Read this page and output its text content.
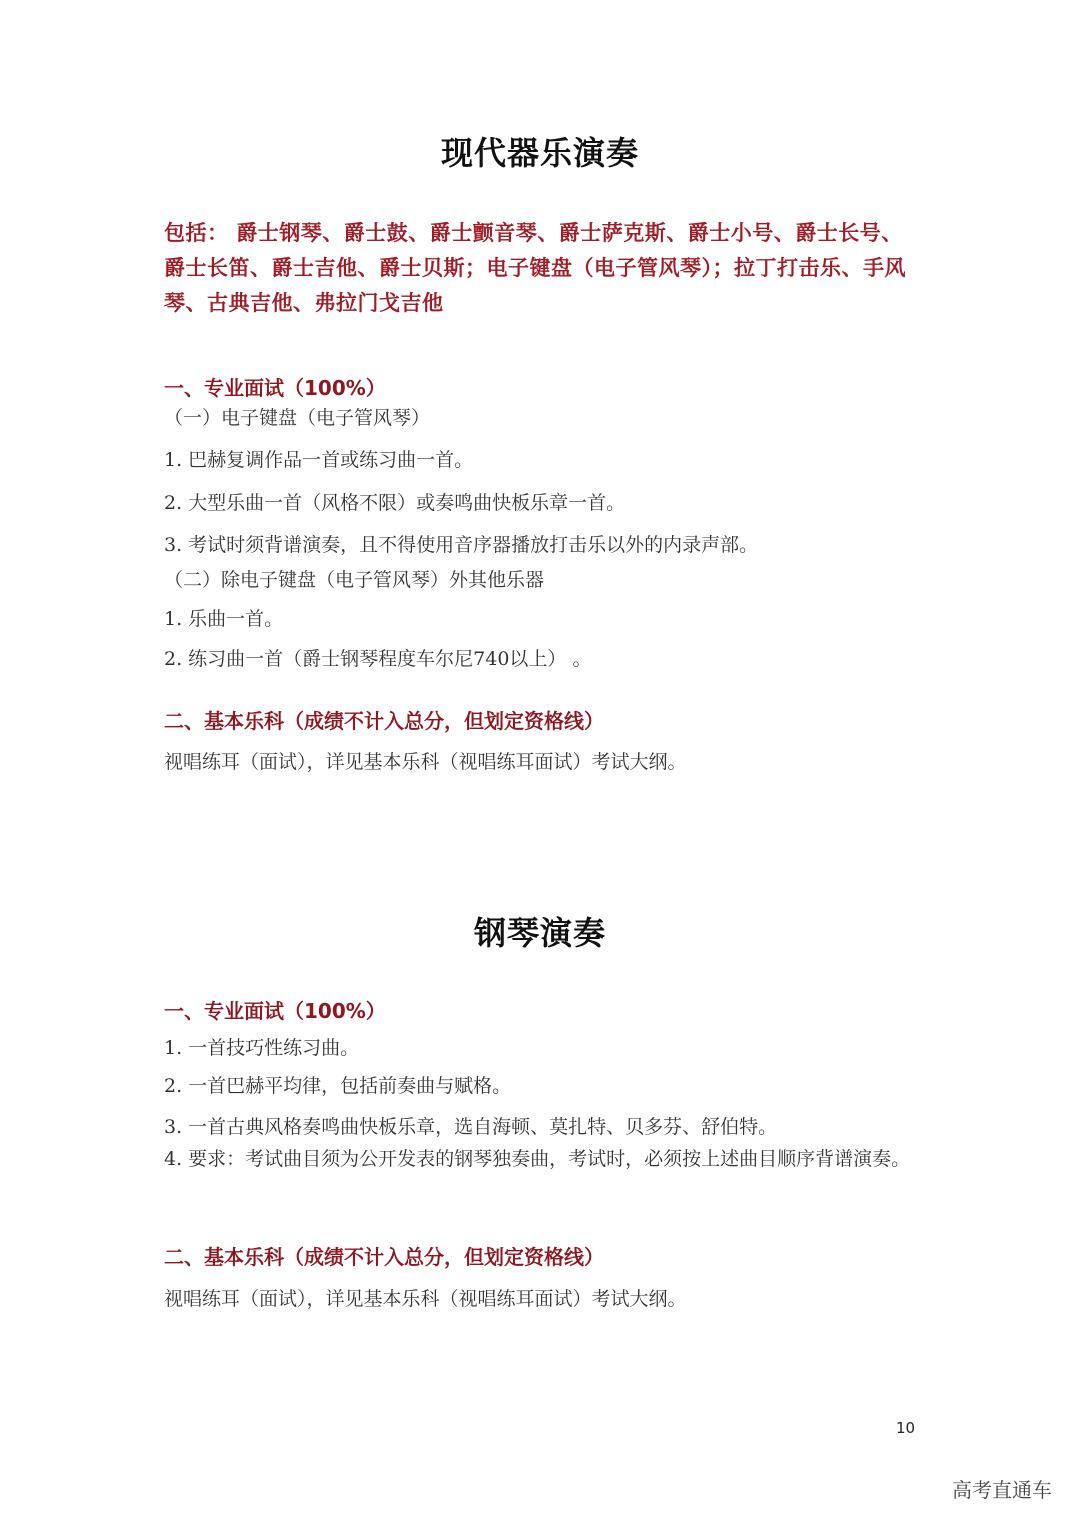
现代器乐演奏
包括： 爵士钢琴、爵士鼓、爵士颤音琴、爵士萨克斯、爵士小号、爵士长号、爵士长笛、爵士吉他、爵士贝斯；电子键盘（电子管风琴）；拉丁打击乐、手风琴、古典吉他、弗拉门戈吉他
一、专业面试（100%）
（一）电子键盘（电子管风琴）
1. 巴赫复调作品一首或练习曲一首。
2. 大型乐曲一首（风格不限）或奏鸣曲快板乐章一首。
3. 考试时须背谱演奏，且不得使用音序器播放打击乐以外的内录声部。
（二）除电子键盘（电子管风琴）外其他乐器
1. 乐曲一首。
2. 练习曲一首（爵士钢琴程度车尔尼740以上） 。
二、基本乐科（成绩不计入总分，但划定资格线）
视唱练耳（面试），详见基本乐科（视唱练耳面试）考试大纲。
钢琴演奏
一、专业面试（100%）
1. 一首技巧性练习曲。
2. 一首巴赫平均律，包括前奏曲与赋格。
3. 一首古典风格奏鸣曲快板乐章，选自海顿、莫扎特、贝多芬、舒伯特。
4. 要求：考试曲目须为公开发表的钢琴独奏曲，考试时，必须按上述曲目顺序背谱演奏。
二、基本乐科（成绩不计入总分，但划定资格线）
视唱练耳（面试），详见基本乐科（视唱练耳面试）考试大纲。
10
高考直通车
